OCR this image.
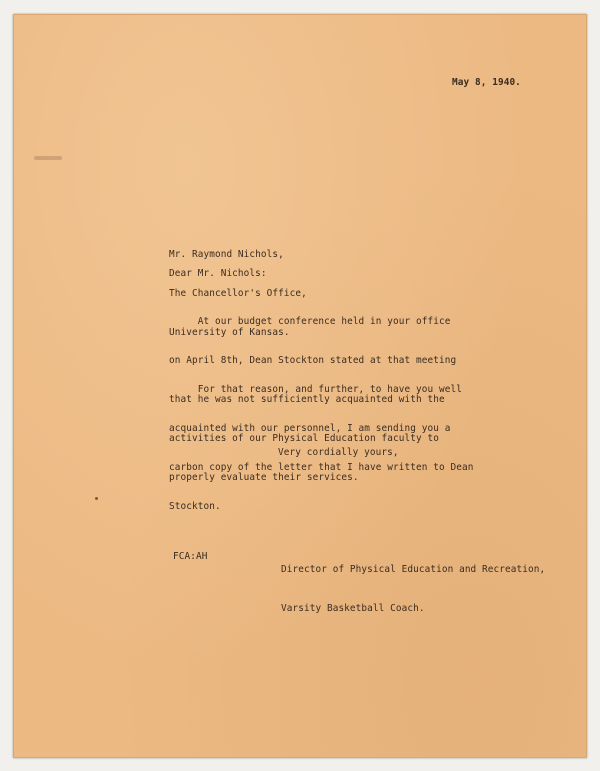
May 8, 1940.

Mr. Raymond Nichols,

The Chancellor's Office,

University of Kansas.

Dear Mr. Nichols:

At our budget conference held in your office

on April 8th, Dean Stockton stated at that meeting

that he was not sufficiently acquainted with the

activities of our Physical Education faculty to

properly evaluate their services.

For that reason, and further, to have you well

acquainted with our personnel, I am sending you a

carbon copy of the letter that I have written to Dean

Stockton.

Very cordially yours,

Director of Physical Education and Recreation,

Varsity Basketball Coach.

FCA:AH
